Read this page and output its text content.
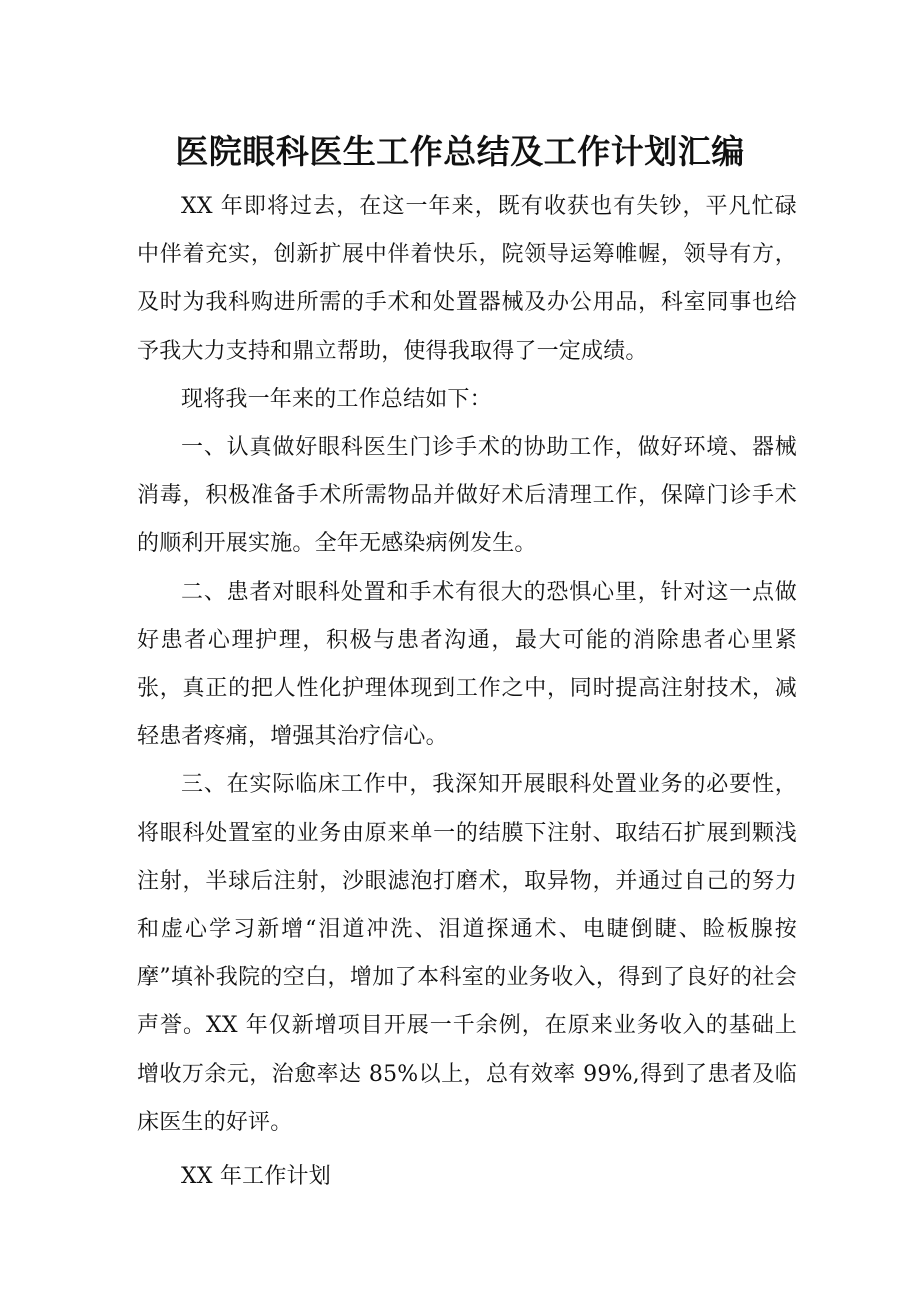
医院眼科医生工作总结及工作计划汇编

XX 年即将过去，在这一年来，既有收获也有失钞，平凡忙碌中伴着充实，创新扩展中伴着快乐，院领导运筹帷幄，领导有方，及时为我科购进所需的手术和处置器械及办公用品，科室同事也给予我大力支持和鼎立帮助，使得我取得了一定成绩。

现将我一年来的工作总结如下：

一、认真做好眼科医生门诊手术的协助工作，做好环境、器械消毒，积极准备手术所需物品并做好术后清理工作，保障门诊手术的顺利开展实施。全年无感染病例发生。

二、患者对眼科处置和手术有很大的恐惧心里，针对这一点做好患者心理护理，积极与患者沟通，最大可能的消除患者心里紧张，真正的把人性化护理体现到工作之中，同时提高注射技术，减轻患者疼痛，增强其治疗信心。

三、在实际临床工作中，我深知开展眼科处置业务的必要性，将眼科处置室的业务由原来单一的结膜下注射、取结石扩展到颗浅注射，半球后注射，沙眼滤泡打磨术，取异物，并通过自己的努力和虚心学习新增“泪道冲洗、泪道探通术、电睫倒睫、睑板腺按摩”填补我院的空白，增加了本科室的业务收入，得到了良好的社会声誉。XX 年仅新增项目开展一千余例，在原来业务收入的基础上增收万余元，治愈率达 85%以上，总有效率 99%,得到了患者及临床医生的好评。

XX 年工作计划
